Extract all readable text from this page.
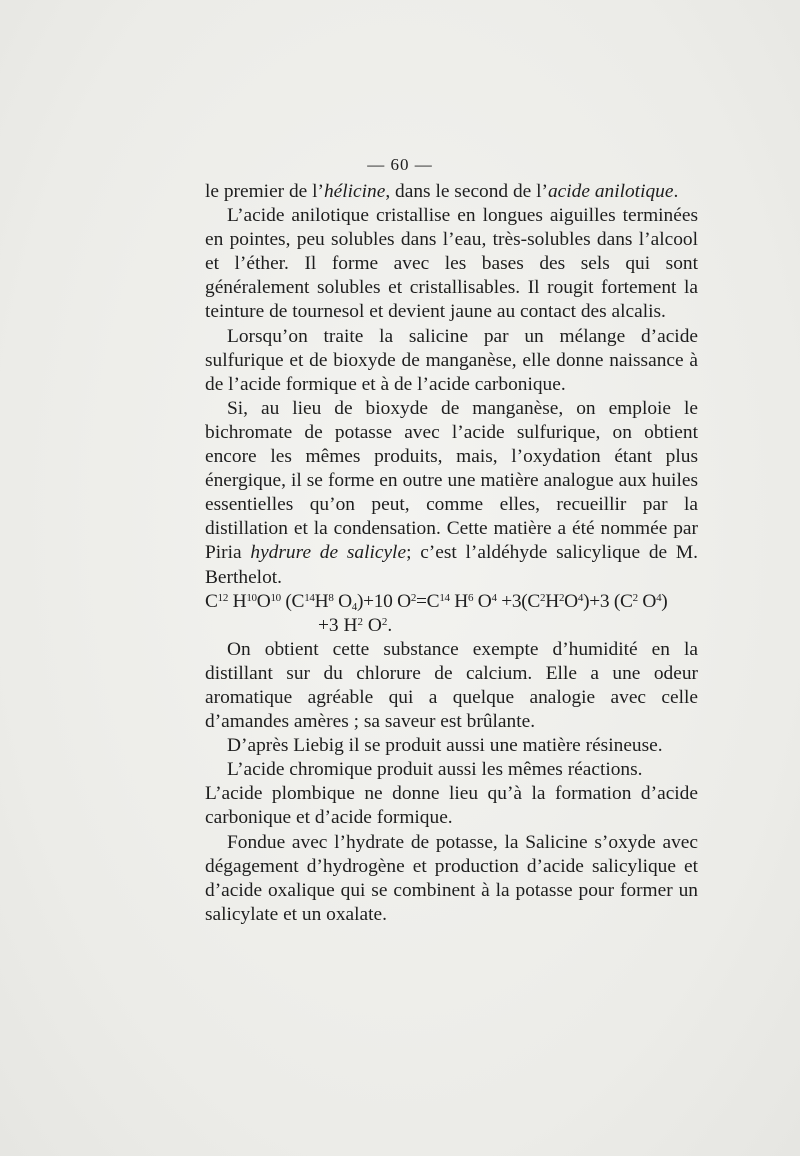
— 60 —

le premier de l’hélicine, dans le second de l’acide anilotique.

L’acide anilotique cristallise en longues aiguilles terminées en pointes, peu solubles dans l’eau, très-solubles dans l’alcool et l’éther. Il forme avec les bases des sels qui sont généralement solubles et cristallisables. Il rougit fortement la teinture de tournesol et devient jaune au contact des alcalis.

Lorsqu’on traite la salicine par un mélange d’acide sulfurique et de bioxyde de manganèse, elle donne naissance à de l’acide formique et à de l’acide carbonique.

Si, au lieu de bioxyde de manganèse, on emploie le bichromate de potasse avec l’acide sulfurique, on obtient encore les mêmes produits, mais, l’oxydation étant plus énergique, il se forme en outre une matière analogue aux huiles essentielles qu’on peut, comme elles, recueillir par la distillation et la condensation. Cette matière a été nommée par Piria hydrure de salicyle; c’est l’aldéhyde salicylique de M. Berthelot.

$C^{12}$ $H^{10}O^{10}$ ($C^{14}H^8$ $O_4)+10$ $O^2=C^{14}$ $H^6$ $O^4 +3(C^2H^2O^4)+3$ ($C^2$ $O^4$)

+3 $H^2$ $O^2$.

On obtient cette substance exempte d’humidité en la distillant sur du chlorure de calcium. Elle a une odeur aromatique agréable qui a quelque analogie avec celle d’amandes amères ; sa saveur est brûlante.

D’après Liebig il se produit aussi une matière résineuse.

L’acide chromique produit aussi les mêmes réactions.

L’acide plombique ne donne lieu qu’à la formation d’acide carbonique et d’acide formique.

Fondue avec l’hydrate de potasse, la Salicine s’oxyde avec dégagement d’hydrogène et production d’acide salicylique et d’acide oxalique qui se combinent à la potasse pour former un salicylate et un oxalate.
